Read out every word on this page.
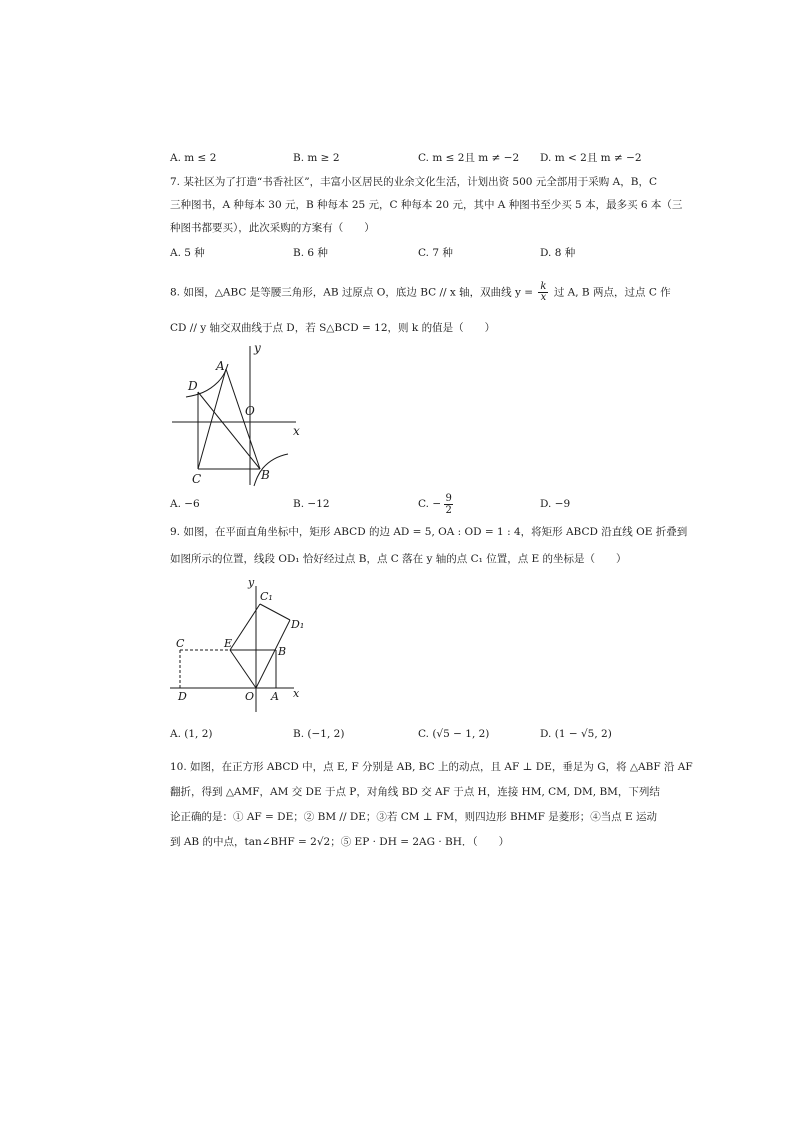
A. m ≤ 2	B. m ≥ 2	C. m ≤ 2且 m ≠ −2 D. m < 2且 m ≠ −2
7. 某社区为了打造“书香社区”，丰富小区居民的业余文化生活，计划出资 500 元全部用于采购 A，B，C
三种图书，A 种每本 30 元，B 种每本 25 元，C 种每本 20 元，其中 A 种图书至少买 5 本，最多买 6 本（三
种图书都要买），此次采购的方案有（　　）
A. 5 种	B. 6 种	C. 7 种	D. 8 种
8. 如图，△ABC 是等腰三角形，AB 过原点 O，底边 BC // x 轴，双曲线 $y = \frac{k}{x}$ 过 A, B 两点，过点 C 作
CD // y 轴交双曲线于点 D，若 S△BCD = 12，则 k 的值是（　　）
y
x
A
D
O
C	B
A. −6	B. −12	C. − $\frac{9}{2}$	D. −9
9. 如图，在平面直角坐标中，矩形 ABCD 的边 AD = 5, OA : OD = 1 : 4，将矩形 ABCD 沿直线 OE 折叠到
如图所示的位置，线段 OD₁ 恰好经过点 B，点 C 落在 y 轴的点 C₁ 位置，点 E 的坐标是（　　）
y
x
C₁
D₁
C	E
B
D	O A
A. (1, 2)	B. (−1, 2)	C. (√5 − 1, 2)	D. (1 − √5, 2)
10. 如图，在正方形 ABCD 中，点 E, F 分别是 AB, BC 上的动点，且 AF ⊥ DE，垂足为 G，将 △ABF 沿 AF
翻折，得到 △AMF，AM 交 DE 于点 P，对角线 BD 交 AF 于点 H，连接 HM, CM, DM, BM，下列结
论正确的是：① AF = DE；② BM // DE；③若 CM ⊥ FM，则四边形 BHMF 是菱形；④当点 E 运动
到 AB 的中点，tan∠BHF = 2√2；⑤ EP · DH = 2AG · BH．（　　）
